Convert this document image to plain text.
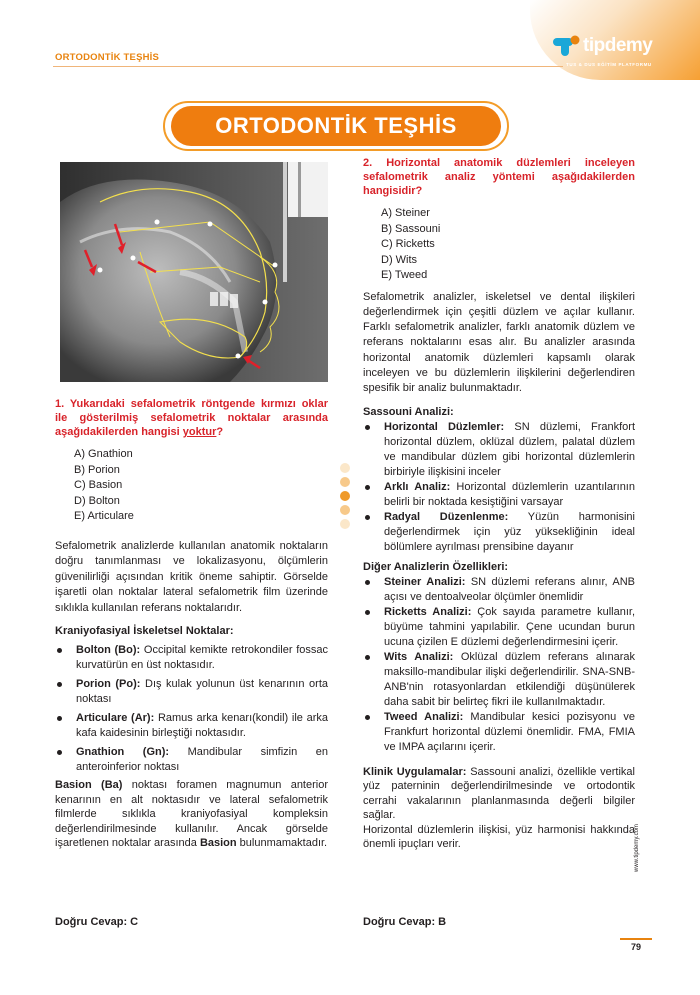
ORTODONTİK TEŞHİS
tipdemy
TUS & DUS EĞİTİM PLATFORMU
ORTODONTİK TEŞHİS

1. Yukarıdaki sefalometrik röntgende kırmızı oklar ile gösterilmiş sefalometrik noktalar arasında aşağıdakilerden hangisi yoktur?

A) Gnathion
B) Porion
C) Basion
D) Bolton
E) Articulare

Sefalometrik analizlerde kullanılan anatomik noktaların doğru tanımlanması ve lokalizasyonu, ölçümlerin güvenilirliği açısından kritik öneme sahiptir. Görselde işaretli olan noktalar lateral sefalometrik film üzerinde sıklıkla kullanılan referans noktalarıdır.

Kraniyofasiyal İskeletsel Noktalar:

Bolton (Bo): Occipital kemikte retrokondiler fossac kurvatürün en üst noktasıdır.
Porion (Po): Dış kulak yolunun üst kenarının orta noktası
Articulare (Ar): Ramus arka kenarı(kondil) ile arka kafa kaidesinin birleştiği noktasıdır.
Gnathion (Gn): Mandibular simfizin en anteroinferior noktası

Basion (Ba) noktası foramen magnumun anterior kenarının en alt noktasıdır ve lateral sefalometrik filmlerde sıklıkla kraniyofasiyal kompleksin değerlendirilmesinde kullanılır. Ancak görselde işaretlenen noktalar arasında Basion bulunmamaktadır.

Doğru Cevap: C

2. Horizontal anatomik düzlemleri inceleyen sefalometrik analiz yöntemi aşağıdakilerden hangisidir?

A) Steiner
B) Sassouni
C) Ricketts
D) Wits
E) Tweed

Sefalometrik analizler, iskeletsel ve dental ilişkileri değerlendirmek için çeşitli düzlem ve açılar kullanır. Farklı sefalometrik analizler, farklı anatomik düzlem ve referans noktalarını esas alır. Bu analizler arasında horizontal anatomik düzlemleri kapsamlı olarak inceleyen ve bu düzlemlerin ilişkilerini değerlendiren spesifik bir analiz bulunmaktadır.

Sassouni Analizi:

Horizontal Düzlemler: SN düzlemi, Frankfort horizontal düzlem, oklüzal düzlem, palatal düzlem ve mandibular düzlem gibi horizontal düzlemlerin birbiriyle ilişkisini inceler
Arklı Analiz: Horizontal düzlemlerin uzantılarının belirli bir noktada kesiştiğini varsayar
Radyal Düzenlenme: Yüzün harmonisini değerlendirmek için yüz yüksekliğinin ideal bölümlere ayrılması prensibine dayanır

Diğer Analizlerin Özellikleri:

Steiner Analizi: SN düzlemi referans alınır, ANB açısı ve dentoalveolar ölçümler önemlidir
Ricketts Analizi: Çok sayıda parametre kullanır, büyüme tahmini yapılabilir. Çene ucundan burun ucuna çizilen E düzlemi değerlendirmesini içerir.
Wits Analizi: Oklüzal düzlem referans alınarak maksillo-mandibular ilişki değerlendirilir. SNA-SNB-ANB'nin rotasyonlardan etkilendiği düşünülerek daha sabit bir belirteç fikri ile kullanılmaktadır.
Tweed Analizi: Mandibular kesici pozisyonu ve Frankfurt horizontal düzlemi önemlidir. FMA, FMIA ve IMPA açılarını içerir.

Klinik Uygulamalar: Sassouni analizi, özellikle vertikal yüz paterninin değerlendirilmesinde ve ortodontik cerrahi vakalarının planlanmasında değerli bilgiler sağlar.

Horizontal düzlemlerin ilişkisi, yüz harmonisi hakkında önemli ipuçları verir.

Doğru Cevap: B
www.tipdemy.com
79
